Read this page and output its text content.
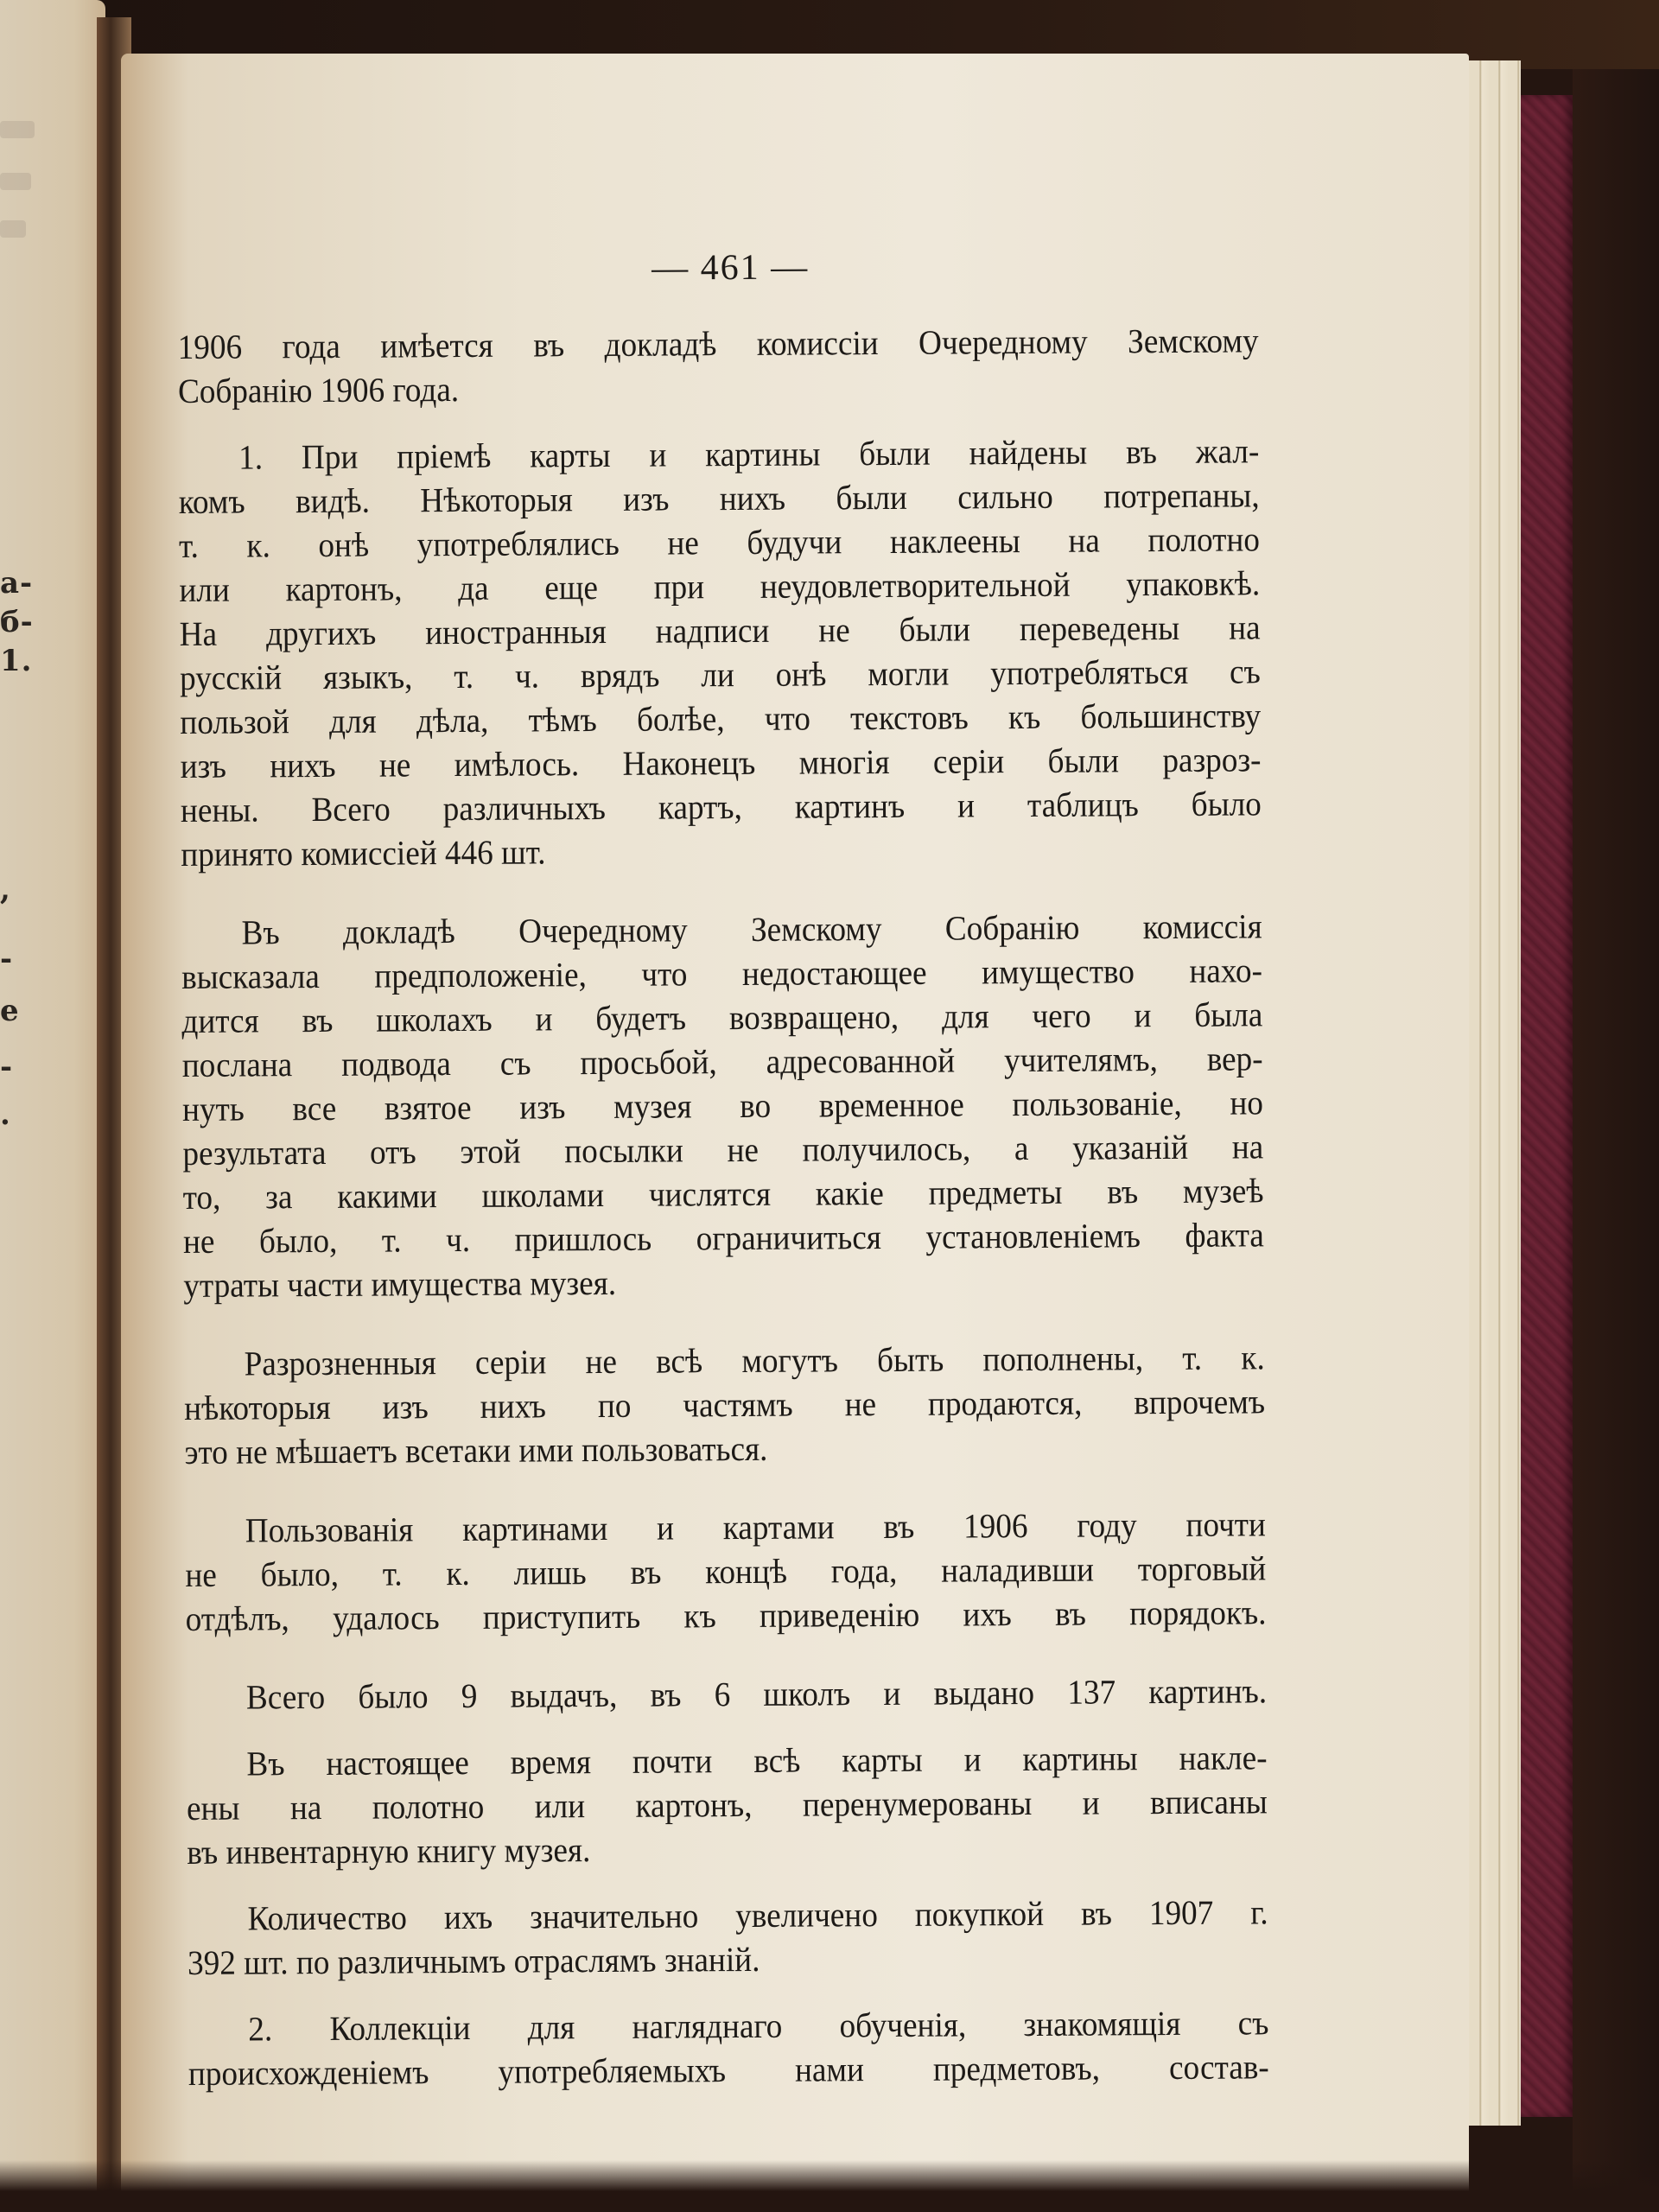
а-
б-
1.
,
-
е
-
.
— 461 —
1906 года имѣется въ докладѣ комиссіи Очередному Земскому
Собранію 1906 года.
1. При пріемѣ карты и картины были найдены въ жал-
комъ видѣ. Нѣкоторыя изъ нихъ были сильно потрепаны,
т. к. онѣ употреблялись не будучи наклеены на полотно
или картонъ, да еще при неудовлетворительной упаковкѣ.
На другихъ иностранныя надписи не были переведены на
русскій языкъ, т. ч. врядъ ли онѣ могли употребляться съ
пользой для дѣла, тѣмъ болѣе, что текстовъ къ большинству
изъ нихъ не имѣлось. Наконецъ многія серіи были разроз-
нены. Всего различныхъ картъ, картинъ и таблицъ было
принято комиссіей 446 шт.
Въ докладѣ Очередному Земскому Собранію комиссія
высказала предположеніе, что недостающее имущество нахо-
дится въ школахъ и будетъ возвращено, для чего и была
послана подвода съ просьбой, адресованной учителямъ, вер-
нуть все взятое изъ музея во временное пользованіе, но
результата отъ этой посылки не получилось, а указаній на
то, за какими школами числятся какіе предметы въ музеѣ
не было, т. ч. пришлось ограничиться установленіемъ факта
утраты части имущества музея.
Разрозненныя серіи не всѣ могутъ быть пополнены, т. к.
нѣкоторыя изъ нихъ по частямъ не продаются, впрочемъ
это не мѣшаетъ всетаки ими пользоваться.
Пользованія картинами и картами въ 1906 году почти
не было, т. к. лишь въ концѣ года, наладивши торговый
отдѣлъ, удалось приступить къ приведенію ихъ въ порядокъ.
Всего было 9 выдачъ, въ 6 школъ и выдано 137 картинъ.
Въ настоящее время почти всѣ карты и картины накле-
ены на полотно или картонъ, перенумерованы и вписаны
въ инвентарную книгу музея.
Количество ихъ значительно увеличено покупкой въ 1907 г.
392 шт. по различнымъ отраслямъ знаній.
2. Коллекціи для нагляднаго обученія, знакомящія съ
происхожденіемъ употребляемыхъ нами предметовъ, состав-
